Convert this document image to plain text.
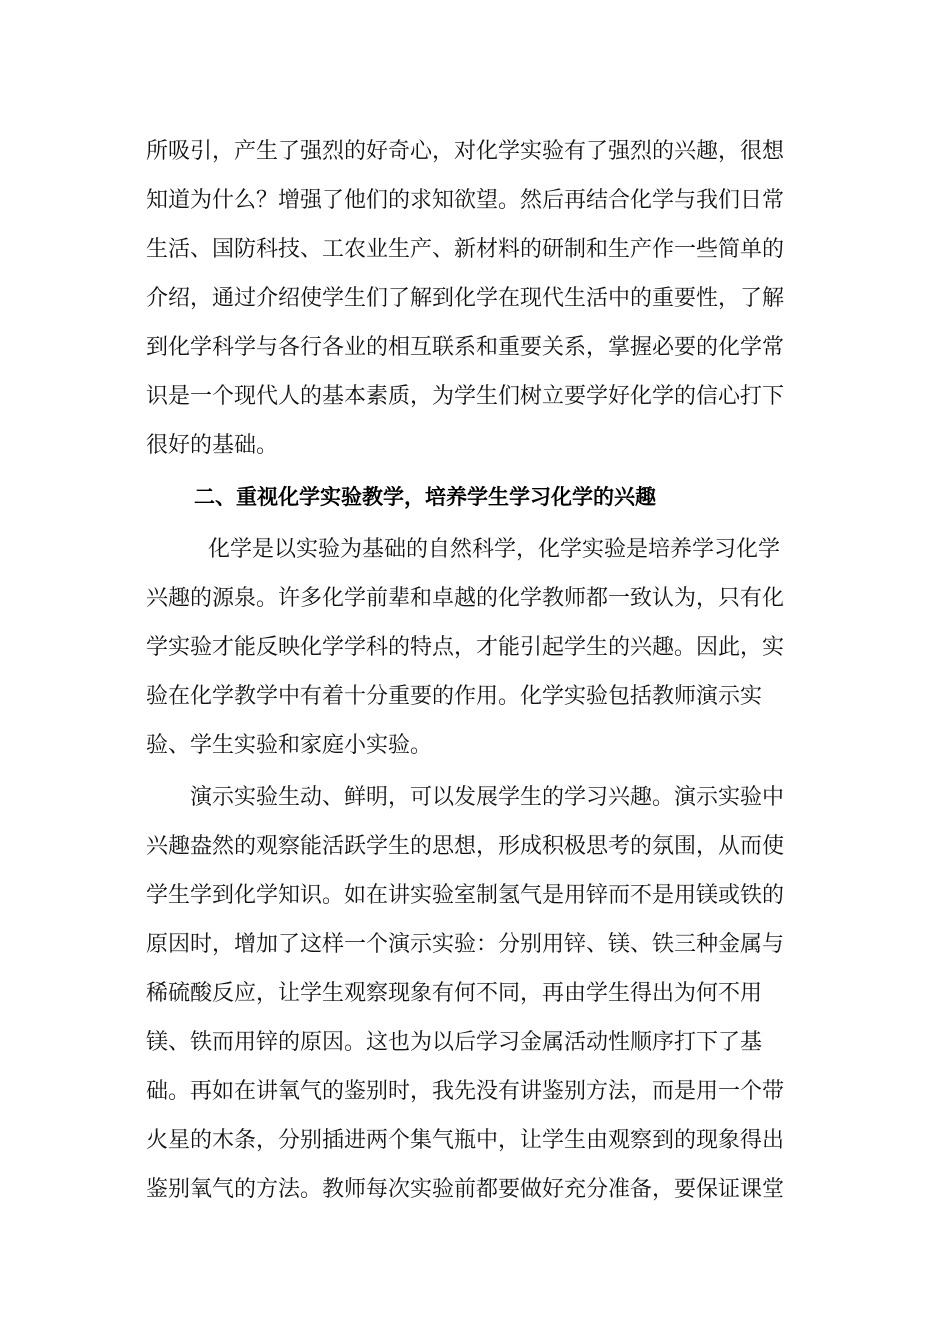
所吸引，产生了强烈的好奇心，对化学实验有了强烈的兴趣，很想
知道为什么？增强了他们的求知欲望。然后再结合化学与我们日常
生活、国防科技、工农业生产、新材料的研制和生产作一些简单的
介绍，通过介绍使学生们了解到化学在现代生活中的重要性，了解
到化学科学与各行各业的相互联系和重要关系，掌握必要的化学常
识是一个现代人的基本素质，为学生们树立要学好化学的信心打下
很好的基础。
二、重视化学实验教学，培养学生学习化学的兴趣
化学是以实验为基础的自然科学，化学实验是培养学习化学
兴趣的源泉。许多化学前辈和卓越的化学教师都一致认为，只有化
学实验才能反映化学学科的特点，才能引起学生的兴趣。因此，实
验在化学教学中有着十分重要的作用。化学实验包括教师演示实
验、学生实验和家庭小实验。
演示实验生动、鲜明，可以发展学生的学习兴趣。演示实验中
兴趣盎然的观察能活跃学生的思想，形成积极思考的氛围，从而使
学生学到化学知识。如在讲实验室制氢气是用锌而不是用镁或铁的
原因时，增加了这样一个演示实验：分别用锌、镁、铁三种金属与
稀硫酸反应，让学生观察现象有何不同，再由学生得出为何不用
镁、铁而用锌的原因。这也为以后学习金属活动性顺序打下了基
础。再如在讲氧气的鉴别时，我先没有讲鉴别方法，而是用一个带
火星的木条，分别插进两个集气瓶中，让学生由观察到的现象得出
鉴别氧气的方法。教师每次实验前都要做好充分准备，要保证课堂
